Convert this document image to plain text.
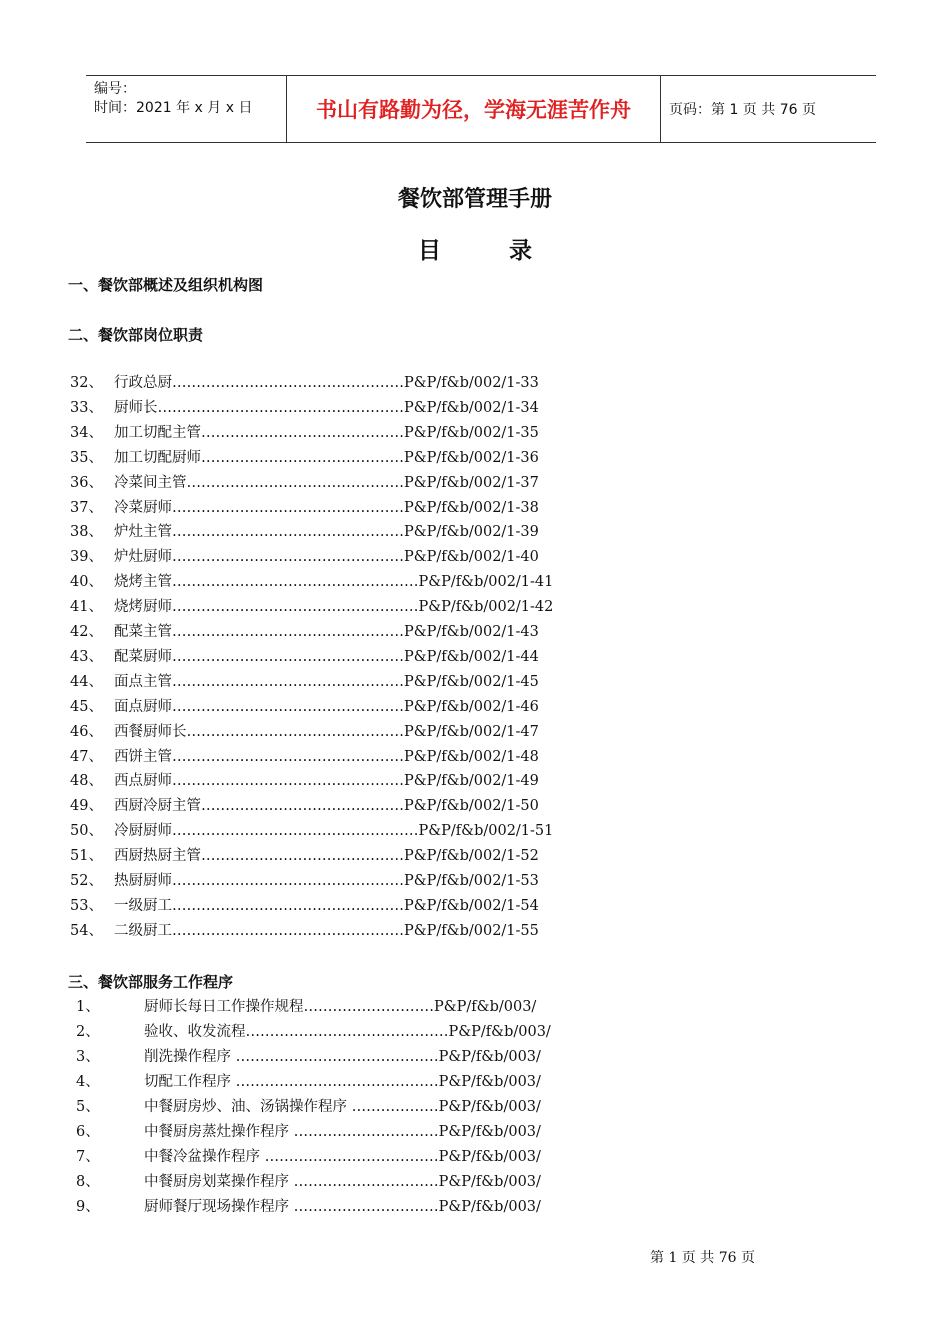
编号：
时间：2021 年 x 月 x 日	书山有路勤为径，学海无涯苦作舟	页码：第 1 页 共 76 页
餐饮部管理手册
目	录
一、餐饮部概述及组织机构图
二、餐饮部岗位职责
三、餐饮部服务工作程序
32、 行政总厨…………………………………………P&P/f&b/002/1-33
33、 厨师长……………………………………………P&P/f&b/002/1-34
34、 加工切配主管……………………………………P&P/f&b/002/1-35
35、 加工切配厨师……………………………………P&P/f&b/002/1-36
36、 冷菜间主管………………………………………P&P/f&b/002/1-37
37、 冷菜厨师…………………………………………P&P/f&b/002/1-38
38、 炉灶主管…………………………………………P&P/f&b/002/1-39
39、 炉灶厨师…………………………………………P&P/f&b/002/1-40
40、 烧烤主管……………………………………………P&P/f&b/002/1-41
41、 烧烤厨师……………………………………………P&P/f&b/002/1-42
42、 配菜主管…………………………………………P&P/f&b/002/1-43
43、 配菜厨师…………………………………………P&P/f&b/002/1-44
44、 面点主管…………………………………………P&P/f&b/002/1-45
45、 面点厨师…………………………………………P&P/f&b/002/1-46
46、 西餐厨师长………………………………………P&P/f&b/002/1-47
47、 西饼主管…………………………………………P&P/f&b/002/1-48
48、 西点厨师…………………………………………P&P/f&b/002/1-49
49、 西厨冷厨主管……………………………………P&P/f&b/002/1-50
50、 冷厨厨师……………………………………………P&P/f&b/002/1-51
51、 西厨热厨主管……………………………………P&P/f&b/002/1-52
52、 热厨厨师…………………………………………P&P/f&b/002/1-53
53、 一级厨工…………………………………………P&P/f&b/002/1-54
54、 二级厨工…………………………………………P&P/f&b/002/1-55
1、	厨师长每日工作操作规程………………………P&P/f&b/003/
2、	验收、收发流程……………………………………P&P/f&b/003/
3、	削洗操作程序 ……………………………………P&P/f&b/003/
4、	切配工作程序 ……………………………………P&P/f&b/003/
5、	中餐厨房炒、油、汤锅操作程序 ………………P&P/f&b/003/
6、	中餐厨房蒸灶操作程序 …………………………P&P/f&b/003/
7、	中餐冷盆操作程序 ………………………………P&P/f&b/003/
8、	中餐厨房划菜操作程序 …………………………P&P/f&b/003/
9、	厨师餐厅现场操作程序 …………………………P&P/f&b/003/
第 1 页 共 76 页
